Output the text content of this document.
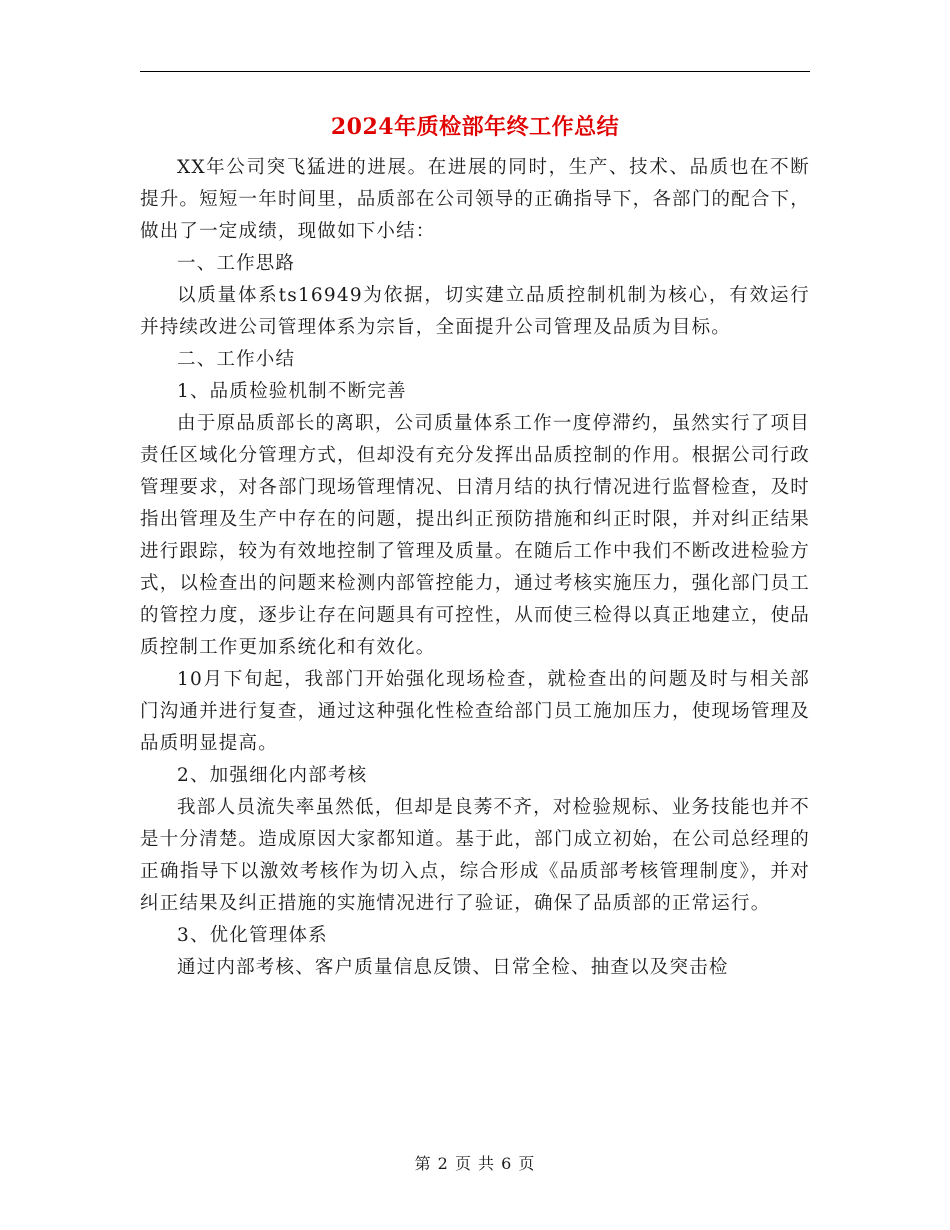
2024年质检部年终工作总结

XX年公司突飞猛进的进展。在进展的同时，生产、技术、品质也在不断提升。短短一年时间里，品质部在公司领导的正确指导下，各部门的配合下，做出了一定成绩，现做如下小结：

一、工作思路

以质量体系ts16949为依据，切实建立品质控制机制为核心，有效运行并持续改进公司管理体系为宗旨，全面提升公司管理及品质为目标。

二、工作小结

1、品质检验机制不断完善

由于原品质部长的离职，公司质量体系工作一度停滞约，虽然实行了项目责任区域化分管理方式，但却没有充分发挥出品质控制的作用。根据公司行政管理要求，对各部门现场管理情况、日清月结的执行情况进行监督检查，及时指出管理及生产中存在的问题，提出纠正预防措施和纠正时限，并对纠正结果进行跟踪，较为有效地控制了管理及质量。在随后工作中我们不断改进检验方式，以检查出的问题来检测内部管控能力，通过考核实施压力，强化部门员工的管控力度，逐步让存在问题具有可控性，从而使三检得以真正地建立，使品质控制工作更加系统化和有效化。

10月下旬起，我部门开始强化现场检查，就检查出的问题及时与相关部门沟通并进行复查，通过这种强化性检查给部门员工施加压力，使现场管理及品质明显提高。

2、加强细化内部考核

我部人员流失率虽然低，但却是良莠不齐，对检验规标、业务技能也并不是十分清楚。造成原因大家都知道。基于此，部门成立初始，在公司总经理的正确指导下以激效考核作为切入点，综合形成《品质部考核管理制度》，并对纠正结果及纠正措施的实施情况进行了验证，确保了品质部的正常运行。

3、优化管理体系

通过内部考核、客户质量信息反馈、日常全检、抽查以及突击检

第 2 页 共 6 页
